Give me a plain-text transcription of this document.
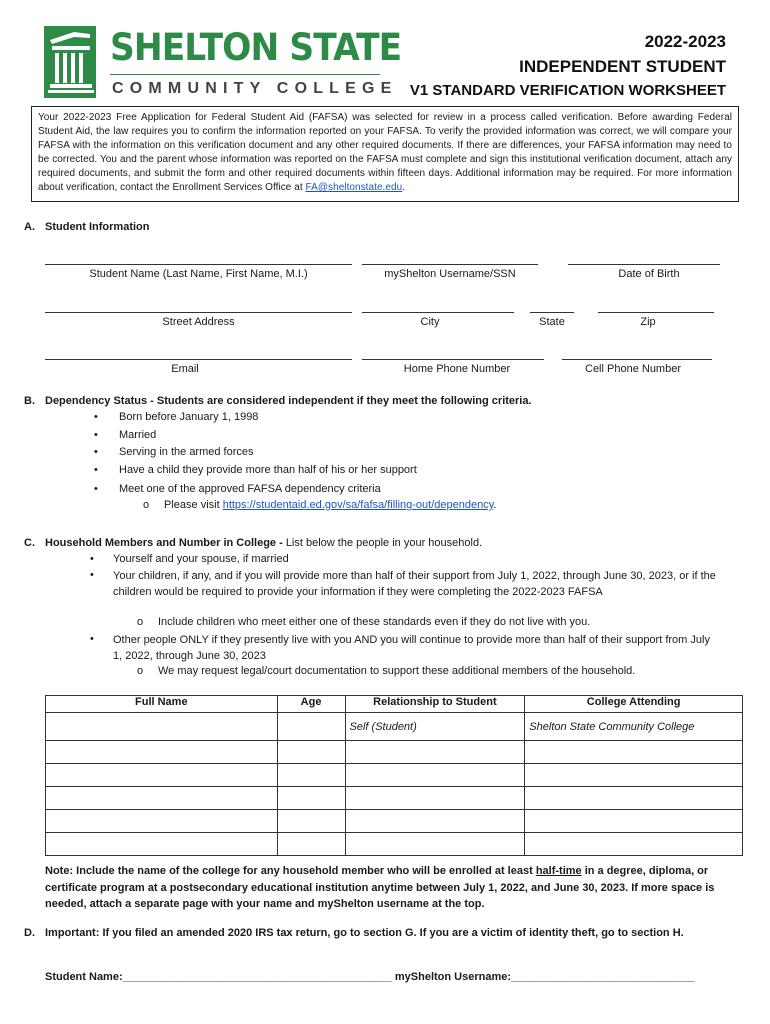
SHELTON STATE
COMMUNITY COLLEGE
2022-2023
INDEPENDENT STUDENT
V1 STANDARD VERIFICATION WORKSHEET
Your 2022-2023 Free Application for Federal Student Aid (FAFSA) was selected for review in a process called verification. Before awarding Federal Student Aid, the law requires you to confirm the information reported on your FAFSA. To verify the provided information was correct, we will compare your FAFSA with the information on this verification document and any other required documents. If there are differences, your FAFSA information may need to be corrected. You and the parent whose information was reported on the FAFSA must complete and sign this institutional verification document, attach any required documents, and submit the form and other required documents within fifteen days. Additional information may be required. For more information about verification, contact the Enrollment Services Office at FA@sheltonstate.edu.
A. Student Information
Student Name (Last Name, First Name, M.I.)	myShelton Username/SSN	Date of Birth
Street Address	City	State	Zip
Email	Home Phone Number	Cell Phone Number
B. Dependency Status - Students are considered independent if they meet the following criteria.
• Born before January 1, 1998
• Married
• Serving in the armed forces
• Have a child they provide more than half of his or her support
• Meet one of the approved FAFSA dependency criteria
o Please visit https://studentaid.ed.gov/sa/fafsa/filling-out/dependency.
C. Household Members and Number in College - List below the people in your household.
• Yourself and your spouse, if married
• Your children, if any, and if you will provide more than half of their support from July 1, 2022, through June 30, 2023, or if the children would be required to provide your information if they were completing the 2022-2023 FAFSA
o Include children who meet either one of these standards even if they do not live with you.
• Other people ONLY if they presently live with you AND you will continue to provide more than half of their support from July 1, 2022, through June 30, 2023
o We may request legal/court documentation to support these additional members of the household.
Full Name	Age	Relationship to Student	College Attending
		Self (Student)	Shelton State Community College

Note: Include the name of the college for any household member who will be enrolled at least half-time in a degree, diploma, or certificate program at a postsecondary educational institution anytime between July 1, 2022, and June 30, 2023. If more space is needed, attach a separate page with your name and myShelton username at the top.
D. Important: If you filed an amended 2020 IRS tax return, go to section G. If you are a victim of identity theft, go to section H.
Student Name:____________________________________________ myShelton Username:______________________________
